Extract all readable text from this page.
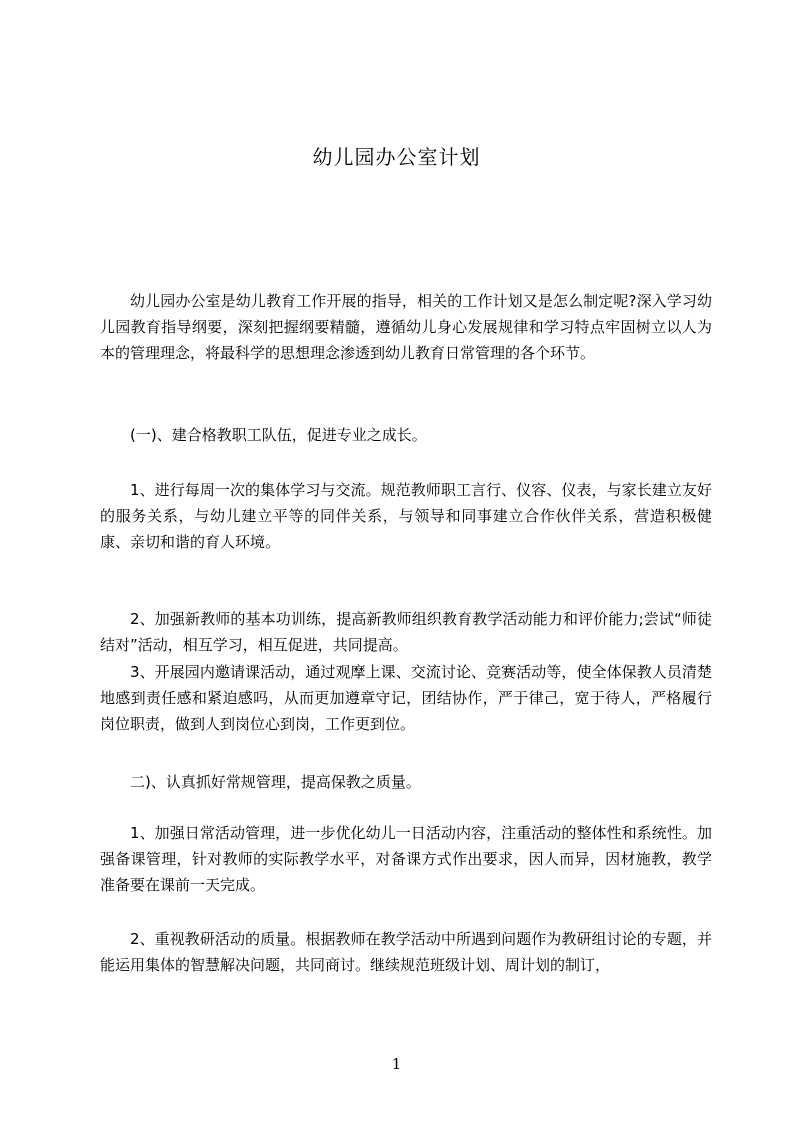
幼儿园办公室计划

幼儿园办公室是幼儿教育工作开展的指导，相关的工作计划又是怎么制定呢?深入学习幼儿园教育指导纲要，深刻把握纲要精髓，遵循幼儿身心发展规律和学习特点牢固树立以人为本的管理理念，将最科学的思想理念渗透到幼儿教育日常管理的各个环节。

(一)、建合格教职工队伍，促进专业之成长。

1、进行每周一次的集体学习与交流。规范教师职工言行、仪容、仪表，与家长建立友好的服务关系，与幼儿建立平等的同伴关系，与领导和同事建立合作伙伴关系，营造积极健康、亲切和谐的育人环境。

2、加强新教师的基本功训练，提高新教师组织教育教学活动能力和评价能力;尝试“师徒结对”活动，相互学习，相互促进，共同提高。

3、开展园内邀请课活动，通过观摩上课、交流讨论、竞赛活动等，使全体保教人员清楚地感到责任感和紧迫感吗，从而更加遵章守记，团结协作，严于律己，宽于待人，严格履行岗位职责，做到人到岗位心到岗，工作更到位。

二)、认真抓好常规管理，提高保教之质量。

1、加强日常活动管理，进一步优化幼儿一日活动内容，注重活动的整体性和系统性。加强备课管理，针对教师的实际教学水平，对备课方式作出要求，因人而异，因材施教，教学准备要在课前一天完成。

2、重视教研活动的质量。根据教师在教学活动中所遇到问题作为教研组讨论的专题，并能运用集体的智慧解决问题，共同商讨。继续规范班级计划、周计划的制订，

1
